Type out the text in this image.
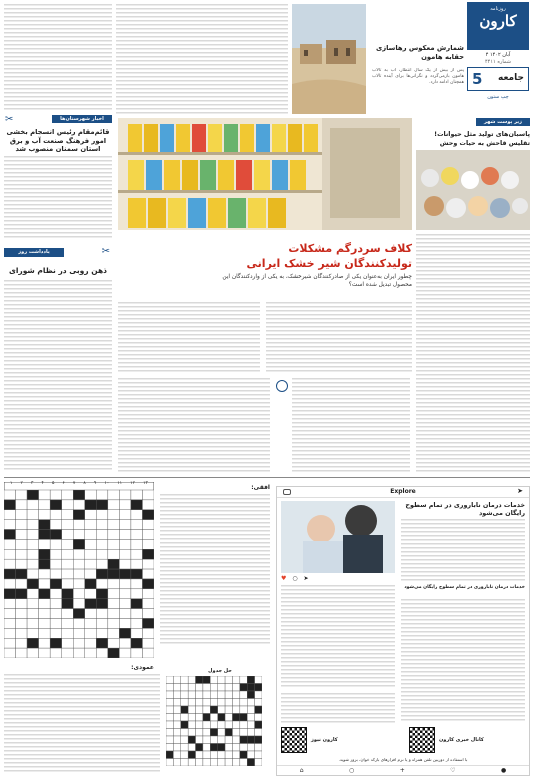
روزنامه
کارون
۴ آبان ۱۴۰۲
شماره ۴۴۱۱
5 جامعه
چپ ستون
✂	اخبار شهرستان‌ها
قائم‌مقام رئیس انسجام بخشی امور فرهنگ صنعت آب و برق استان سمنان منصوب شد
یادداشت روز	✂
ذهن روبی در نظام شورای
شمارش معکوس رهاسازی حقابه هامون
پس از بیش از یک سال انتظار، آب به تالاب هامون بازمی‌گردد و نگرانی‌ها برای آینده تالاب همچنان ادامه دارد.
زیر پوست شهر
پاسبان‌های تولید مثل حیوانات! تقلیس قاحش به حیات وحش
کلاف سردرگم مشکلات
تولیدکنندگان شیر خشک ایرانی
چطور ایران به‌عنوان یکی از صادرکنندگان شیرخشک، به یکی از واردکنندگان این محصول تبدیل شده است؟
۱ ۲ ۳ ۴ ۵ ۶ ۷ ۸ ۹ ۱۰ ۱۱ ۱۲ ۱۳
افقی:
حل جدول
عمودی:
Explore	➤
خدمات درمان ناباروری در تمام سطوح رایگان می‌شود
♥ ○ ➤
خدمات درمان ناباروری در تمام سطوح رایگان می‌شود
کارون نیوز	کانال خبری کارون
با استفاده از دوربین تلفن همراه و یا نرم افزارهای بارکد خوان، بروز شوید.
⌂	○	+	♡	●
